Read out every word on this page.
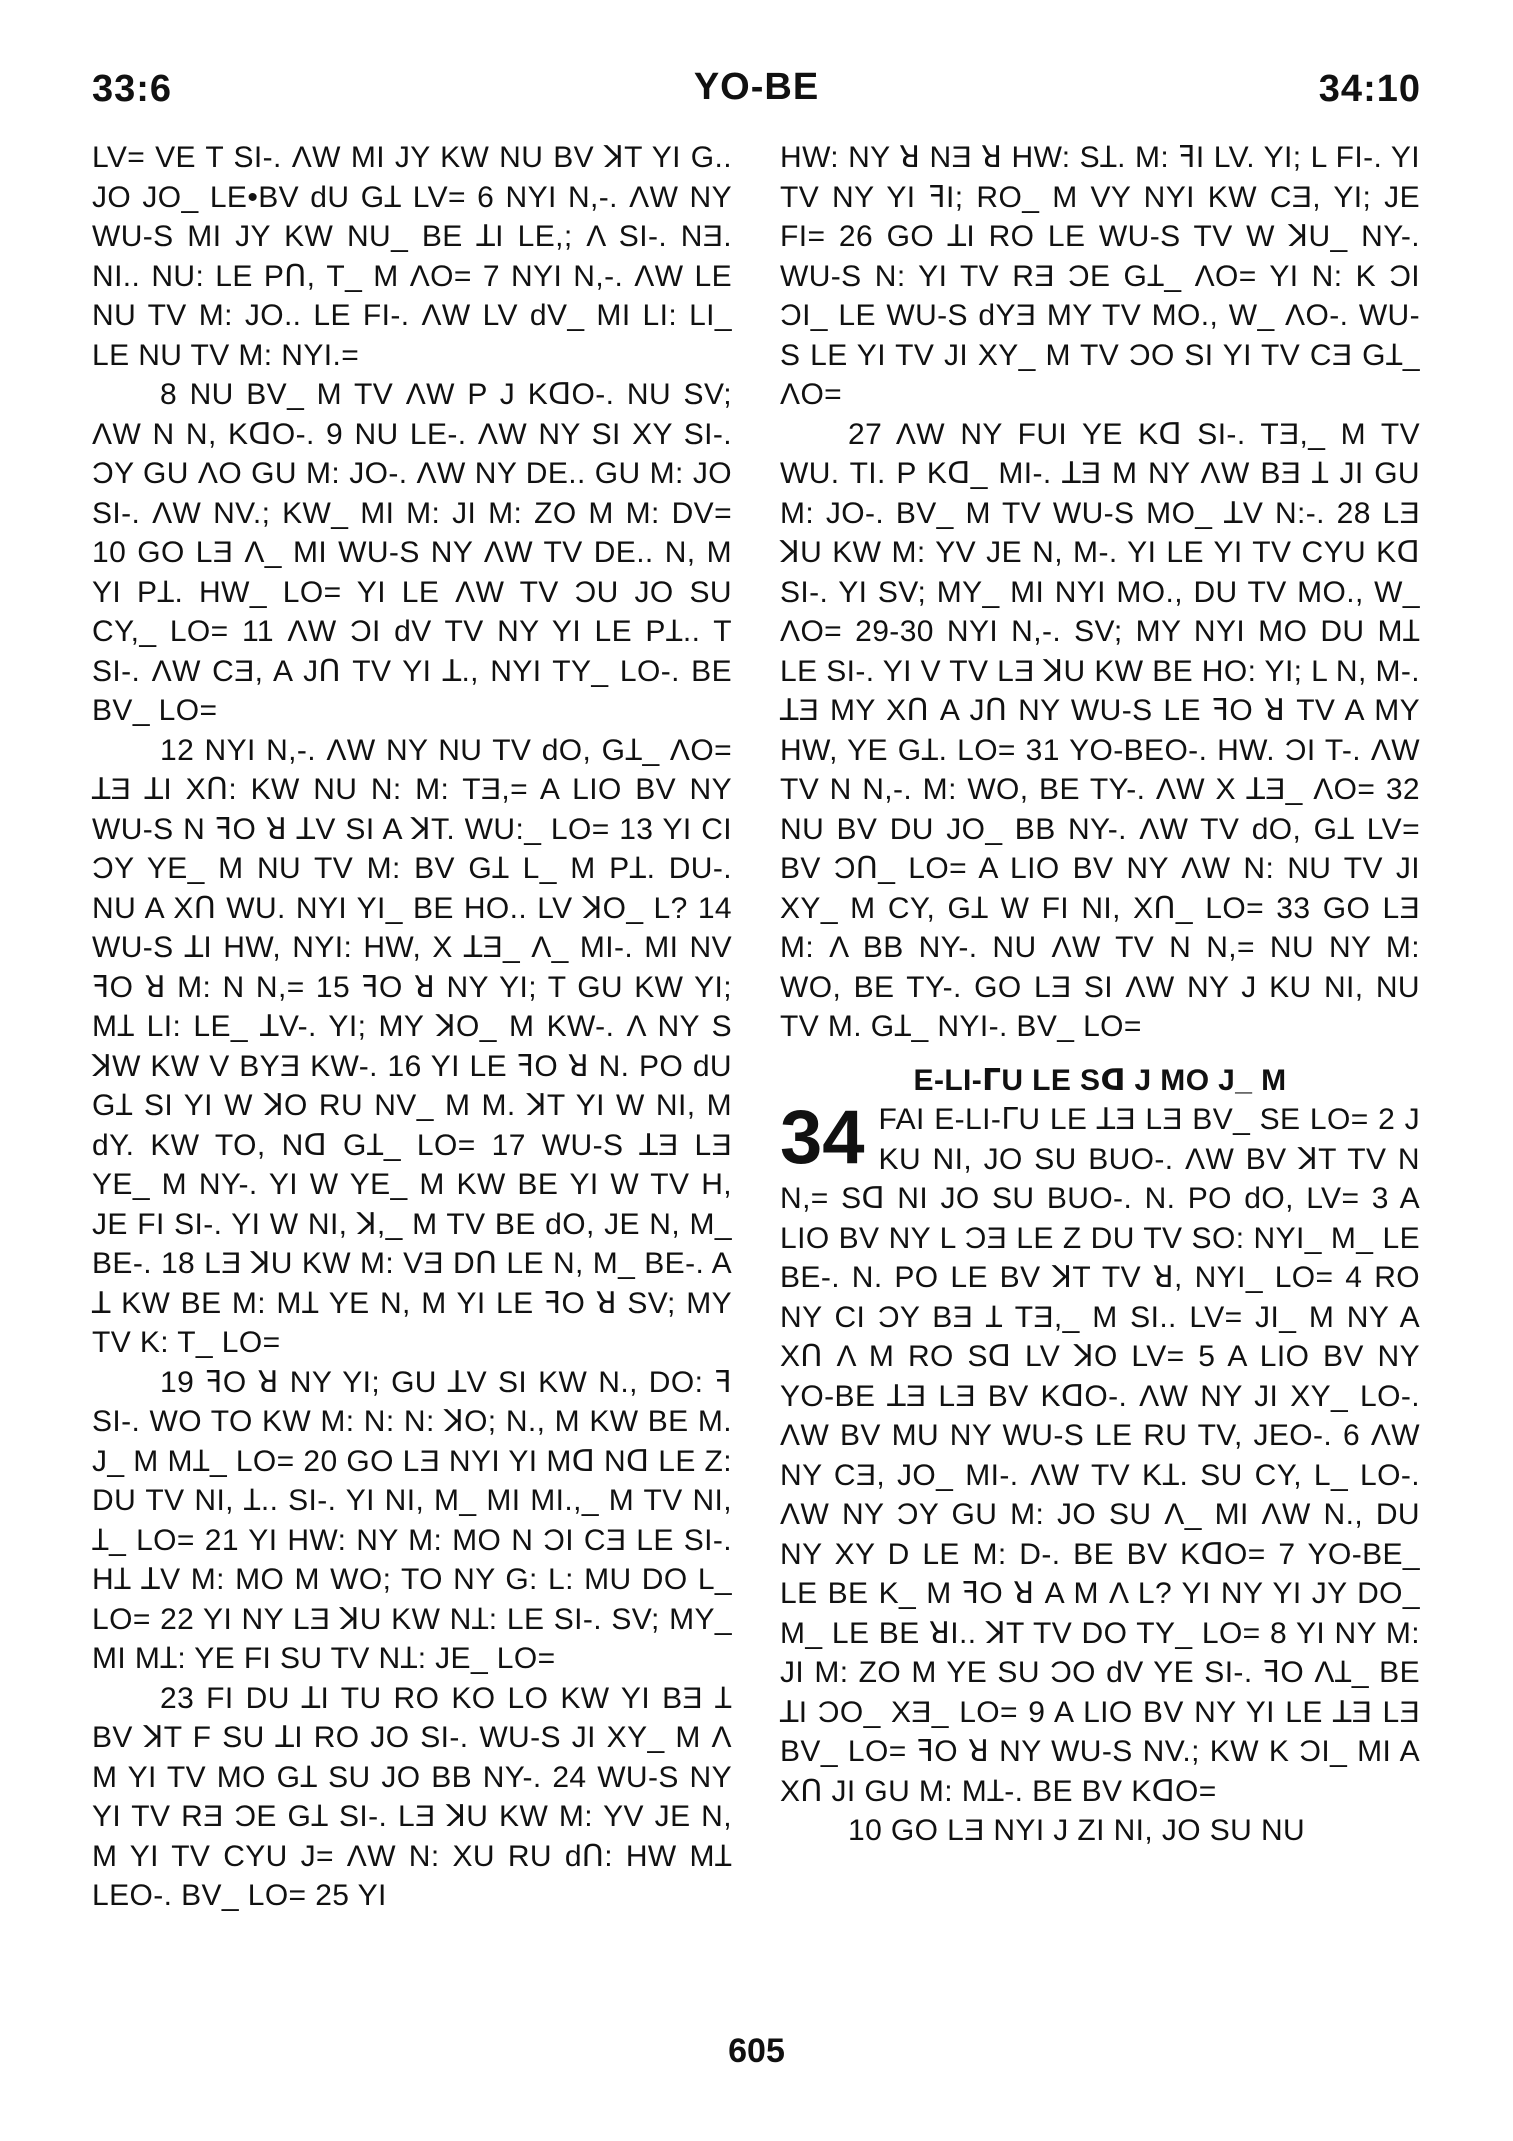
33:6	YO-BE	34:10

LV= VE T SI-. ΛW MI JY KW NU BV ꓘT YI G.. JO JO_ LE•BV dU GꞱ LV= 6 NYI N,-. ΛW NY WU-S MI JY KW NU_ BE ꓕI LE,; Λ SI-. NƎ. NI.. NU: LE PՈ, T_ M ΛO= 7 NYI N,-. ΛW LE NU TV M: JO.. LE FI-. ΛW LV dV_ MI LI: LI_ LE NU TV M: NYI.=

8 NU BV_ M TV ΛW P J KꓷO-. NU SV; ΛW N N, KꓷO-. 9 NU LE-. ΛW NY SI XY SI-. ƆY GU ΛO GU M: JO-. ΛW NY DE.. GU M: JO SI-. ΛW NV.; KW_ MI M: JI M: ZO M M: DV= 10 GO LƎ Λ_ MI WU-S NY ΛW TV DE.. N, M YI PꞱ. HW_ LO= YI LE ΛW TV ƆU JO SU CY,_ LO= 11 ΛW ƆI dV TV NY YI LE PꞱ.. T SI-. ΛW CƎ, A JՈ TV YI ꓕ., NYI TY_ LO-. BE BV_ LO=

12 NYI N,-. ΛW NY NU TV dO, GꞱ_ ΛO= ꓕƎ ꓕI XՈ: KW NU N: M: TƎ,= A LIO BV NY WU-S N ꟻO ꓤ ꓕV SI A ꓘT. WU:_ LO= 13 YI CI ƆY YE_ M NU TV M: BV GꞱ L_ M PꞱ. DU-. NU A XՈ WU. NYI YI_ BE HO.. LV ꓘO_ L? 14 WU-S ꓕI HW, NYI: HW, X ꓕƎ_ Λ_ MI-. MI NV ꟻO ꓤ M: N N,= 15 ꟻO ꓤ NY YI; T GU KW YI; MꞱ LI: LE_ ꓕV-. YI; MY ꓘO_ M KW-. Λ NY S ꓘW KW V BYƎ KW-. 16 YI LE ꟻO ꓤ N. PO dU GꞱ SI YI W ꓘO RU NV_ M M. ꓘT YI W NI, M dY. KW TO, Nꓷ GꞱ_ LO= 17 WU-S ꓕƎ LƎ YE_ M NY-. YI W YE_ M KW BE YI W TV H, JE FI SI-. YI W NI, ꓘ,_ M TV BE dO, JE N, M_ BE-. 18 LƎ ꓘU KW M: VƎ DՈ LE N, M_ BE-. A ꓕ KW BE M: MꞱ YE N, M YI LE ꟻO ꓤ SV; MY TV K: T_ LO=

19 ꟻO ꓤ NY YI; GU ꓕV SI KW N., DO: ꟻ SI-. WO TO KW M: N: N: ꓘO; N., M KW BE M. J_ M MꞱ_ LO= 20 GO LƎ NYI YI Mꓷ Nꓷ LE Z: DU TV NI, Ʇ.. SI-. YI NI, M_ MI MI.,_ M TV NI, Ʇ_ LO= 21 YI HW: NY M: MO N ƆI CƎ LE SI-. HꞱ ꓕV M: MO M WO; TO NY G: L: MU DO L_ LO= 22 YI NY LƎ ꓘU KW NꞱ: LE SI-. SV; MY_ MI MꞱ: YE FI SU TV NꞱ: JE_ LO=

23 FI DU ꓕI TU RO KO LO KW YI BƎ Ʇ BV ꓘT F SU ꓕI RO JO SI-. WU-S JI XY_ M Λ M YI TV MO GꞱ SU JO BB NY-. 24 WU-S NY YI TV RƎ ƆE GꞱ SI-. LƎ ꓘU KW M: YV JE N, M YI TV CYU J= ΛW N: XU RU dՈ: HW MꞱ LEO-. BV_ LO= 25 YI

HW: NY ꓤ NƎ ꓤ HW: SꞱ. M: ꟻI LV. YI; L FI-. YI TV NY YI ꟻI; RO_ M VY NYI KW CƎ, YI; JE FI= 26 GO ꓕI RO LE WU-S TV W ꓘU_ NY-. WU-S N: YI TV RƎ ƆE GꞱ_ ΛO= YI N: K ƆI ƆI_ LE WU-S dYƎ MY TV MO., W_ ΛO-. WU-S LE YI TV JI XY_ M TV ƆO SI YI TV CƎ GꞱ_ ΛO=

27 ΛW NY FUI YE Kꓷ SI-. TƎ,_ M TV WU. TI. P Kꓷ_ MI-. ꓕƎ M NY ΛW BƎ Ʇ JI GU M: JO-. BV_ M TV WU-S MO_ ꓕV N:-. 28 LƎ ꓘU KW M: YV JE N, M-. YI LE YI TV CYU Kꓷ SI-. YI SV; MY_ MI NYI MO., DU TV MO., W_ ΛO= 29-30 NYI N,-. SV; MY NYI MO DU MꞱ LE SI-. YI V TV LƎ ꓘU KW BE HO: YI; L N, M-. ꓕƎ MY XՈ A JՈ NY WU-S LE ꟻO ꓤ TV A MY HW, YE GꞱ. LO= 31 YO-BEO-. HW. ƆI T-. ΛW TV N N,-. M: WO, BE TY-. ΛW X ꓕƎ_ ΛO= 32 NU BV DU JO_ BB NY-. ΛW TV dO, GꞱ LV= BV ƆՈ_ LO= A LIO BV NY ΛW N: NU TV JI XY_ M CY, GꞱ W FI NI, XՈ_ LO= 33 GO LƎ M: Λ BB NY-. NU ΛW TV N N,= NU NY M: WO, BE TY-. GO LƎ SI ΛW NY J KU NI, NU TV M. GꞱ_ NYI-. BV_ LO=

E-LI-ᒥU LE Sꓷ J MO J_ M

34 FAI E-LI-ᒥU LE ꓕƎ LƎ BV_ SE LO= 2 J KU NI, JO SU BUO-. ΛW BV ꓘT TV N N,= Sꓷ NI JO SU BUO-. N. PO dO, LV= 3 A LIO BV NY L ƆƎ LE Z DU TV SO: NYI_ M_ LE BE-. N. PO LE BV ꓘT TV ꓤ, NYI_ LO= 4 RO NY CI ƆY BƎ Ʇ TƎ,_ M SI.. LV= JI_ M NY A XՈ Λ M RO Sꓷ LV ꓘO LV= 5 A LIO BV NY YO-BE ꓕƎ LƎ BV KꓷO-. ΛW NY JI XY_ LO-. ΛW BV MU NY WU-S LE RU TV, JEO-. 6 ΛW NY CƎ, JO_ MI-. ΛW TV KꞱ. SU CY, L_ LO-. ΛW NY ƆY GU M: JO SU Λ_ MI ΛW N., DU NY XY D LE M: D-. BE BV KꓷO= 7 YO-BE_ LE BE K_ M ꟻO ꓤ A M Λ L? YI NY YI JY DO_ M_ LE BE ꓤI.. ꓘT TV DO TY_ LO= 8 YI NY M: JI M: ZO M YE SU ƆO dV YE SI-. ꟻO ΛꞱ_ BE ꓕI ƆO_ XƎ_ LO= 9 A LIO BV NY YI LE ꓕƎ LƎ BV_ LO= ꟻO ꓤ NY WU-S NV.; KW K ƆI_ MI A XՈ JI GU M: MꞱ-. BE BV KꓷO=

10 GO LƎ NYI J ZI NI, JO SU NU

605
